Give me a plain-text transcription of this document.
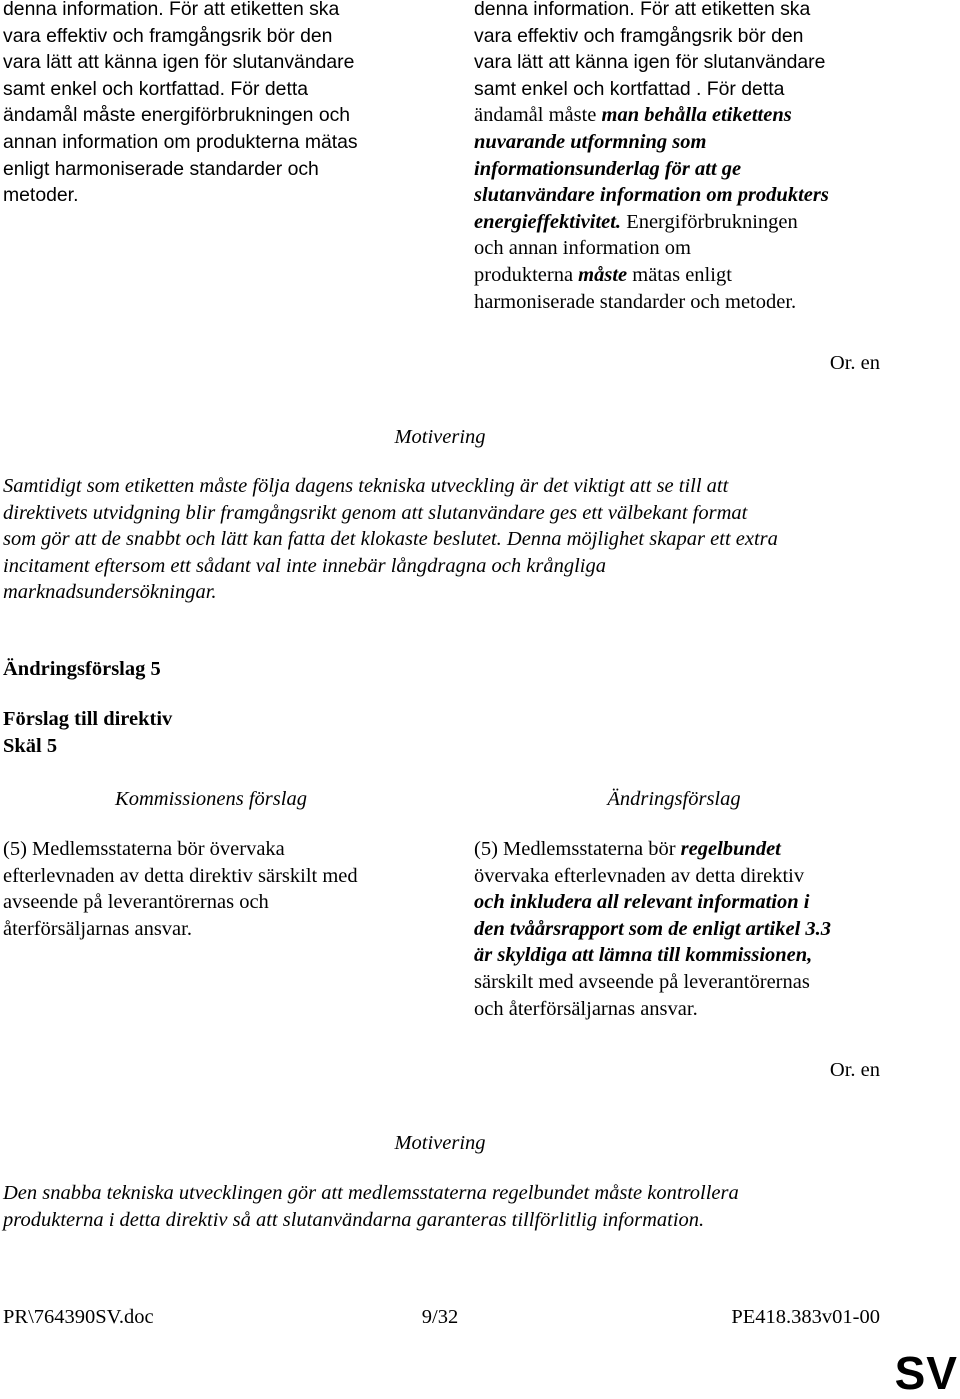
denna information. För att etiketten ska
vara effektiv och framgångsrik bör den
vara lätt att känna igen för slutanvändare
samt enkel och kortfattad. För detta
ändamål måste energiförbrukningen och
annan information om produkterna mätas
enligt harmoniserade standarder och
metoder.
denna information. För att etiketten ska
vara effektiv och framgångsrik bör den
vara lätt att känna igen för slutanvändare
samt enkel och kortfattad . För detta
ändamål måste man behålla etikettens
nuvarande utformning som
informationsunderlag för att ge
slutanvändare information om produkters
energieffektivitet. Energiförbrukningen
och annan information om
produkterna måste mätas enligt
harmoniserade standarder och metoder.
Or. en
Motivering
Samtidigt som etiketten måste följa dagens tekniska utveckling är det viktigt att se till att
direktivets utvidgning blir framgångsrikt genom att slutanvändare ges ett välbekant format
som gör att de snabbt och lätt kan fatta det klokaste beslutet. Denna möjlighet skapar ett extra
incitament eftersom ett sådant val inte innebär långdragna och krångliga
marknadsundersökningar.
Ändringsförslag 5
Förslag till direktiv
Skäl 5
Kommissionens förslag	Ändringsförslag
(5) Medlemsstaterna bör övervaka
efterlevnaden av detta direktiv särskilt med
avseende på leverantörernas och
återförsäljarnas ansvar.
(5) Medlemsstaterna bör regelbundet
övervaka efterlevnaden av detta direktiv
och inkludera all relevant information i
den tvåårsrapport som de enligt artikel 3.3
är skyldiga att lämna till kommissionen,
särskilt med avseende på leverantörernas
och återförsäljarnas ansvar.
Or. en
Motivering
Den snabba tekniska utvecklingen gör att medlemsstaterna regelbundet måste kontrollera
produkterna i detta direktiv så att slutanvändarna garanteras tillförlitlig information.
PR\764390SV.doc	9/32	PE418.383v01-00
SV
